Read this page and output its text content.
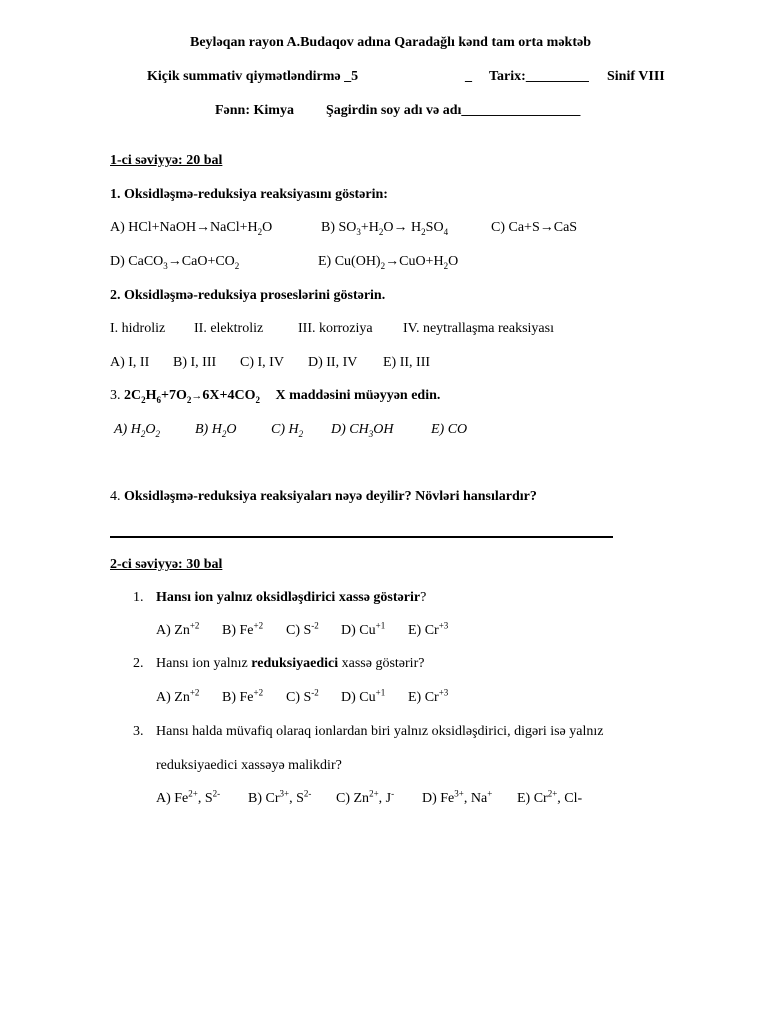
Beyləqan rayon A.Budaqov adına Qaradağlı kənd tam orta məktəb
Kiçik summativ qiymətləndirmə _5	_ Tarix:_________ Sinif VIII
Fənn: Kimya Şagirdin soy adı və adı_________________
1-ci səviyyə: 20 bal
1. Oksidləşmə-reduksiya reaksiyasını göstərin:
A) $HCl+NaOH\to NaCl+H_2O$	B) $SO_3+H_2O\to H_2SO_4$	C) Ca+S→CaS
D) $CaCO_3\to CaO+CO_2$	E) $Cu(OH)_2\to CuO+H_2O$
2. Oksidləşmə-reduksiya proseslərini göstərin.
I. hidroliz II. elektroliz III. korroziya IV. neytrallaşma reaksiyası
A) I, II B) I, III C) I, IV D) II, IV E) II, III
3. $2C_2H_6+7O_2\to 6X+4CO_2$ X maddəsini müəyyən edin.
A) $H_2O_2$	B) $H_2O$ C) $H_2$ D) $CH_3OH$	E) CO
4. Oksidləşmə-reduksiya reaksiyaları nəyə deyilir? Növləri hansılardır?
2-ci səviyyə: 30 bal
1. Hansı ion yalnız oksidləşdirici xassə göstərir?
A) $Zn^{+2}$ B) $Fe^{+2}$ C) $S^{-2}$ D) $Cu^{+1}$ E) $Cr^{+3}$
2. Hansı ion yalnız reduksiyaedici xassə göstərir?
A) $Zn^{+2}$ B) $Fe^{+2}$ C) $S^{-2}$ D) $Cu^{+1}$ E) $Cr^{+3}$
3. Hansı halda müvafiq olaraq ionlardan biri yalnız oksidləşdirici, digəri isə yalnız
reduksiyaedici xassəyə malikdir?
A) $Fe^{2+}$, $S^{2-}$ B) $Cr^{3+}$, $S^{2-}$ C) $Zn^{2+}$, J- D) $Fe^{3+}$, Na+ E) $Cr^{2+}$, Cl-
